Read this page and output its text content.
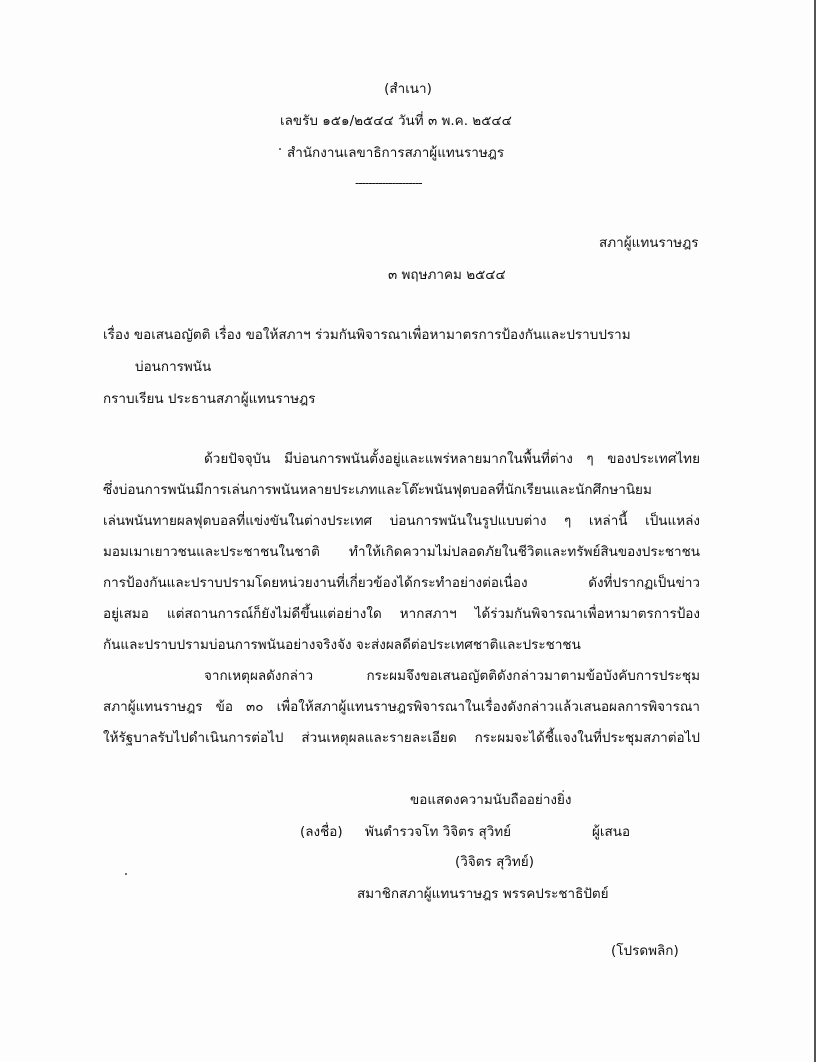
(สำเนา)
เลขรับ ๑๕๑/๒๕๔๔ วันที่ ๓ พ.ค. ๒๕๔๔
สำนักงานเลขาธิการสภาผู้แทนราษฎร
--------------------
สภาผู้แทนราษฎร
๓ พฤษภาคม ๒๕๔๔
เรื่อง ขอเสนอญัตติ เรื่อง ขอให้สภาฯ ร่วมกันพิจารณาเพื่อหามาตรการป้องกันและปราบปราม
บ่อนการพนัน
กราบเรียน ประธานสภาผู้แทนราษฎร
ด้วยปัจจุบัน มีบ่อนการพนันตั้งอยู่และแพร่หลายมากในพื้นที่ต่าง ๆ ของประเทศไทย
ซึ่งบ่อนการพนันมีการเล่นการพนันหลายประเภทและโต๊ะพนันฟุตบอลที่นักเรียนและนักศึกษานิยม
เล่นพนันทายผลฟุตบอลที่แข่งขันในต่างประเทศ บ่อนการพนันในรูปแบบต่าง ๆ เหล่านี้ เป็นแหล่ง
มอมเมาเยาวชนและประชาชนในชาติ ทำให้เกิดความไม่ปลอดภัยในชีวิตและทรัพย์สินของประชาชน
การป้องกันและปราบปรามโดยหน่วยงานที่เกี่ยวข้องได้กระทำอย่างต่อเนื่อง ดังที่ปรากฏเป็นข่าว
อยู่เสมอ แต่สถานการณ์ก็ยังไม่ดีขึ้นแต่อย่างใด หากสภาฯ ได้ร่วมกันพิจารณาเพื่อหามาตรการป้อง
กันและปราบปรามบ่อนการพนันอย่างจริงจัง จะส่งผลดีต่อประเทศชาติและประชาชน
จากเหตุผลดังกล่าว กระผมจึงขอเสนอญัตติดังกล่าวมาตามข้อบังคับการประชุม
สภาผู้แทนราษฎร ข้อ ๓๐ เพื่อให้สภาผู้แทนราษฎรพิจารณาในเรื่องดังกล่าวแล้วเสนอผลการพิจารณา
ให้รัฐบาลรับไปดำเนินการต่อไป ส่วนเหตุผลและรายละเอียด กระผมจะได้ชี้แจงในที่ประชุมสภาต่อไป
ขอแสดงความนับถืออย่างยิ่ง
(ลงชื่อ) พันตำรวจโท วิจิตร สุวิทย์	ผู้เสนอ
(วิจิตร สุวิทย์)
สมาชิกสภาผู้แทนราษฎร พรรคประชาธิปัตย์
(โปรดพลิก)
